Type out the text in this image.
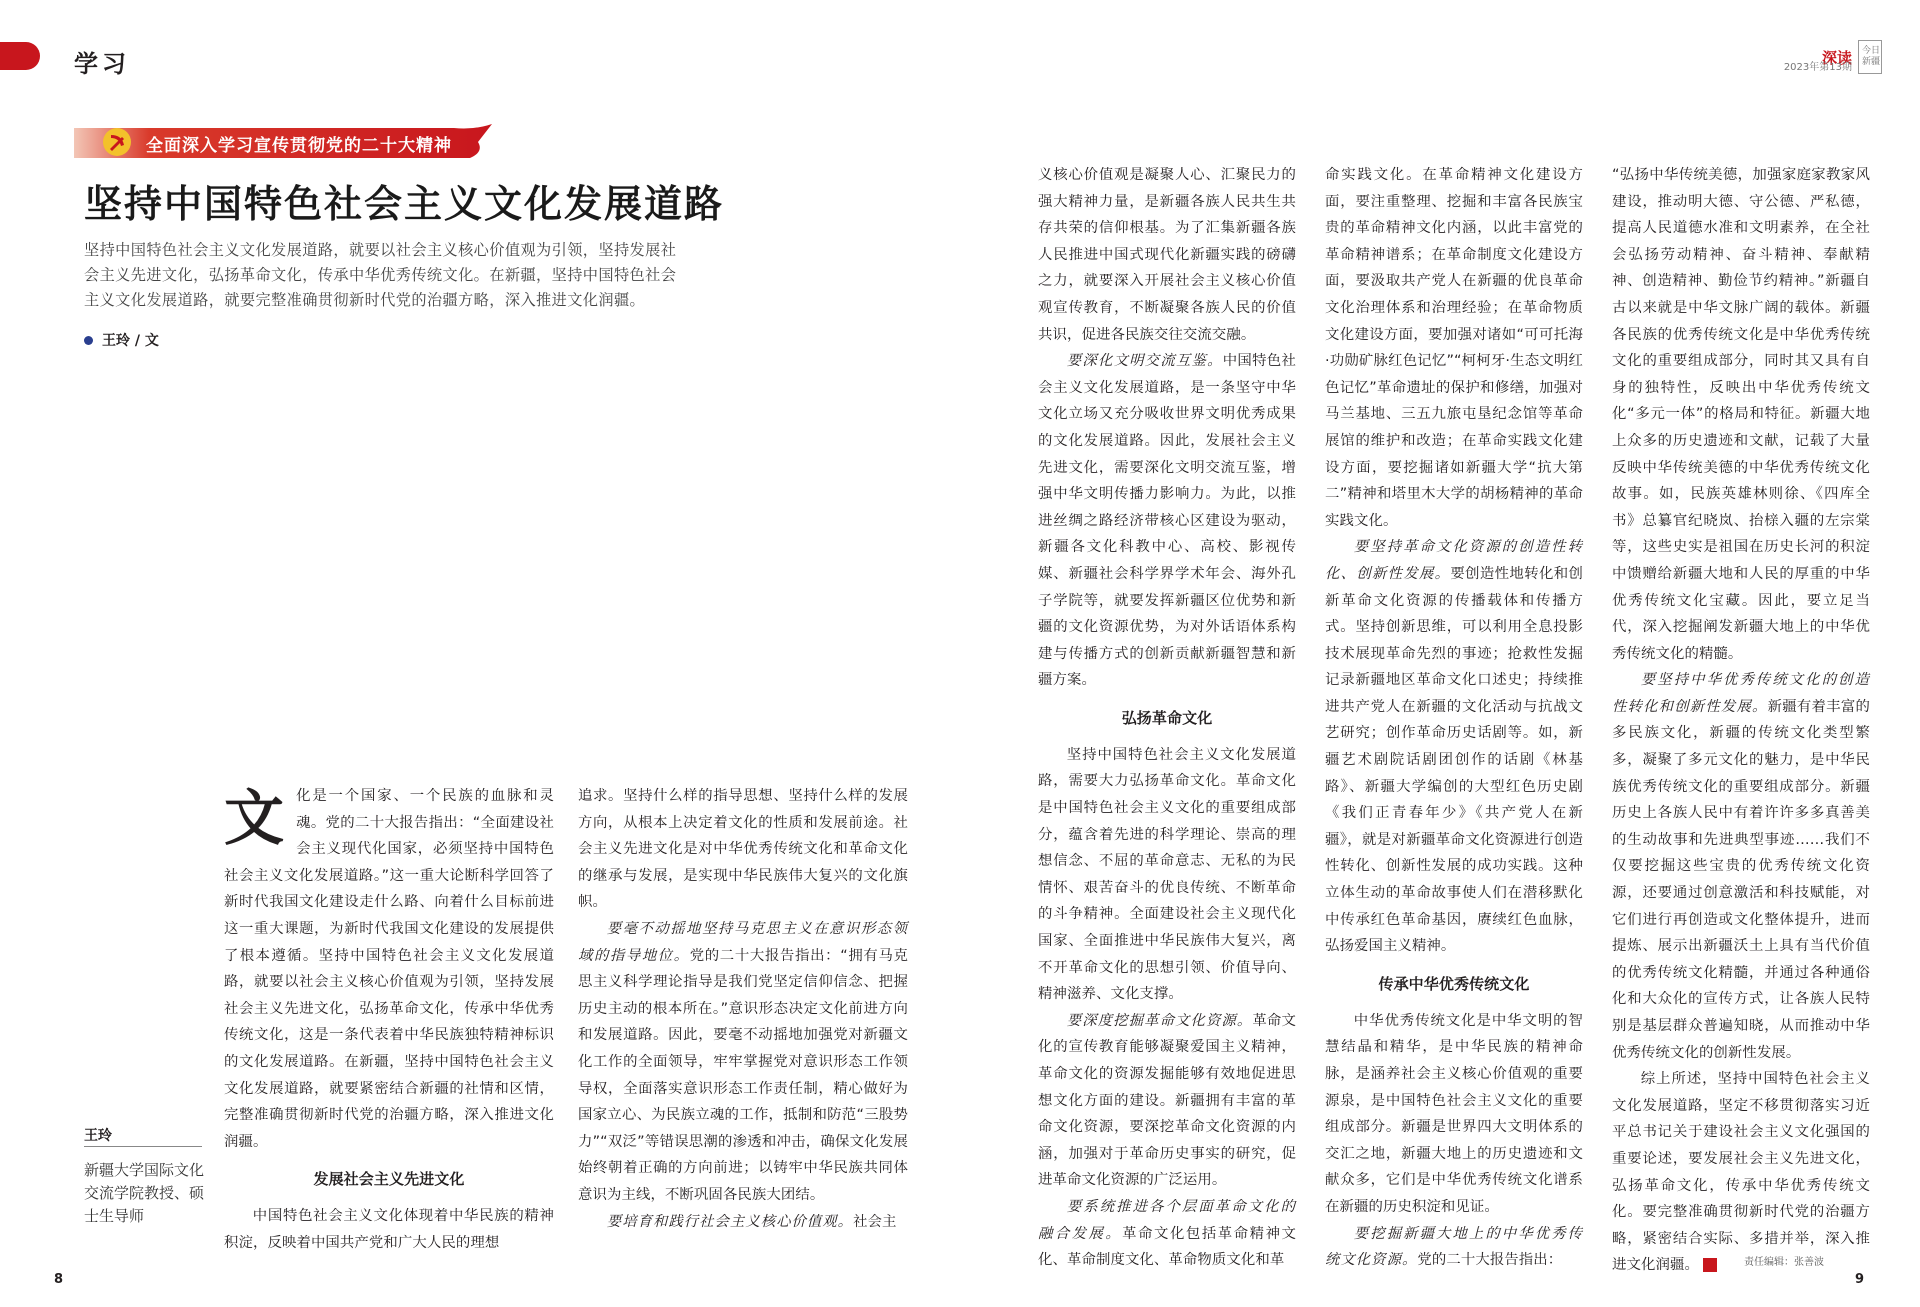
学习	深读	今日新疆
2023年第13期
全面深入学习宣传贯彻党的二十大精神
坚持中国特色社会主义文化发展道路
坚持中国特色社会主义文化发展道路，就要以社会主义核心价值观为引领，坚持发展社会主义先进文化，弘扬革命文化，传承中华优秀传统文化。在新疆，坚持中国特色社会主义文化发展道路，就要完整准确贯彻新时代党的治疆方略，深入推进文化润疆。
王玲 / 文
王玲
新疆大学国际文化交流学院教授、硕士生导师

文化是一个国家、一个民族的血脉和灵魂。党的二十大报告指出：“全面建设社会主义现代化国家，必须坚持中国特色社会主义文化发展道路。”这一重大论断科学回答了新时代我国文化建设走什么路、向着什么目标前进这一重大课题，为新时代我国文化建设的发展提供了根本遵循。坚持中国特色社会主义文化发展道路，就要以社会主义核心价值观为引领，坚持发展社会主义先进文化，弘扬革命文化，传承中华优秀传统文化，这是一条代表着中华民族独特精神标识的文化发展道路。在新疆，坚持中国特色社会主义文化发展道路，就要紧密结合新疆的社情和区情，完整准确贯彻新时代党的治疆方略，深入推进文化润疆。

发展社会主义先进文化

中国特色社会主义文化体现着中华民族的精神积淀，反映着中国共产党和广大人民的理想

追求。坚持什么样的指导思想、坚持什么样的发展方向，从根本上决定着文化的性质和发展前途。社会主义先进文化是对中华优秀传统文化和革命文化的继承与发展，是实现中华民族伟大复兴的文化旗帜。

要毫不动摇地坚持马克思主义在意识形态领域的指导地位。党的二十大报告指出：“拥有马克思主义科学理论指导是我们党坚定信仰信念、把握历史主动的根本所在。”意识形态决定文化前进方向和发展道路。因此，要毫不动摇地加强党对新疆文化工作的全面领导，牢牢掌握党对意识形态工作领导权，全面落实意识形态工作责任制，精心做好为国家立心、为民族立魂的工作，抵制和防范“三股势力”“双泛”等错误思潮的渗透和冲击，确保文化发展始终朝着正确的方向前进；以铸牢中华民族共同体意识为主线，不断巩固各民族大团结。

要培育和践行社会主义核心价值观。社会主

义核心价值观是凝聚人心、汇聚民力的强大精神力量，是新疆各族人民共生共存共荣的信仰根基。为了汇集新疆各族人民推进中国式现代化新疆实践的磅礴之力，就要深入开展社会主义核心价值观宣传教育，不断凝聚各族人民的价值共识，促进各民族交往交流交融。

要深化文明交流互鉴。中国特色社会主义文化发展道路，是一条坚守中华文化立场又充分吸收世界文明优秀成果的文化发展道路。因此，发展社会主义先进文化，需要深化文明交流互鉴，增强中华文明传播力影响力。为此，以推进丝绸之路经济带核心区建设为驱动，新疆各文化科教中心、高校、影视传媒、新疆社会科学界学术年会、海外孔子学院等，就要发挥新疆区位优势和新疆的文化资源优势，为对外话语体系构建与传播方式的创新贡献新疆智慧和新疆方案。

弘扬革命文化

坚持中国特色社会主义文化发展道路，需要大力弘扬革命文化。革命文化是中国特色社会主义文化的重要组成部分，蕴含着先进的科学理论、崇高的理想信念、不屈的革命意志、无私的为民情怀、艰苦奋斗的优良传统、不断革命的斗争精神。全面建设社会主义现代化国家、全面推进中华民族伟大复兴，离不开革命文化的思想引领、价值导向、精神滋养、文化支撑。

要深度挖掘革命文化资源。革命文化的宣传教育能够凝聚爱国主义精神，革命文化的资源发掘能够有效地促进思想文化方面的建设。新疆拥有丰富的革命文化资源，要深挖革命文化资源的内涵，加强对于革命历史事实的研究，促进革命文化资源的广泛运用。

要系统推进各个层面革命文化的融合发展。革命文化包括革命精神文化、革命制度文化、革命物质文化和革

命实践文化。在革命精神文化建设方面，要注重整理、挖掘和丰富各民族宝贵的革命精神文化内涵，以此丰富党的革命精神谱系；在革命制度文化建设方面，要汲取共产党人在新疆的优良革命文化治理体系和治理经验；在革命物质文化建设方面，要加强对诸如“可可托海·功勋矿脉红色记忆”“柯柯牙·生态文明红色记忆”革命遗址的保护和修缮，加强对马兰基地、三五九旅屯垦纪念馆等革命展馆的维护和改造；在革命实践文化建设方面，要挖掘诸如新疆大学“抗大第二”精神和塔里木大学的胡杨精神的革命实践文化。

要坚持革命文化资源的创造性转化、创新性发展。要创造性地转化和创新革命文化资源的传播载体和传播方式。坚持创新思维，可以利用全息投影技术展现革命先烈的事迹；抢救性发掘记录新疆地区革命文化口述史；持续推进共产党人在新疆的文化活动与抗战文艺研究；创作革命历史话剧等。如，新疆艺术剧院话剧团创作的话剧《林基路》、新疆大学编创的大型红色历史剧《我们正青春年少》《共产党人在新疆》，就是对新疆革命文化资源进行创造性转化、创新性发展的成功实践。这种立体生动的革命故事使人们在潜移默化中传承红色革命基因，赓续红色血脉，弘扬爱国主义精神。

传承中华优秀传统文化

中华优秀传统文化是中华文明的智慧结晶和精华，是中华民族的精神命脉，是涵养社会主义核心价值观的重要源泉，是中国特色社会主义文化的重要组成部分。新疆是世界四大文明体系的交汇之地，新疆大地上的历史遗迹和文献众多，它们是中华优秀传统文化谱系在新疆的历史积淀和见证。

要挖掘新疆大地上的中华优秀传统文化资源。党的二十大报告指出：

“弘扬中华传统美德，加强家庭家教家风建设，推动明大德、守公德、严私德，提高人民道德水准和文明素养，在全社会弘扬劳动精神、奋斗精神、奉献精神、创造精神、勤俭节约精神。”新疆自古以来就是中华文脉广阔的载体。新疆各民族的优秀传统文化是中华优秀传统文化的重要组成部分，同时其又具有自身的独特性，反映出中华优秀传统文化“多元一体”的格局和特征。新疆大地上众多的历史遗迹和文献，记载了大量反映中华传统美德的中华优秀传统文化故事。如，民族英雄林则徐、《四库全书》总纂官纪晓岚、抬榇入疆的左宗棠等，这些史实是祖国在历史长河的积淀中馈赠给新疆大地和人民的厚重的中华优秀传统文化宝藏。因此，要立足当代，深入挖掘阐发新疆大地上的中华优秀传统文化的精髓。

要坚持中华优秀传统文化的创造性转化和创新性发展。新疆有着丰富的多民族文化，新疆的传统文化类型繁多，凝聚了多元文化的魅力，是中华民族优秀传统文化的重要组成部分。新疆历史上各族人民中有着许许多多真善美的生动故事和先进典型事迹……我们不仅要挖掘这些宝贵的优秀传统文化资源，还要通过创意激活和科技赋能，对它们进行再创造或文化整体提升，进而提炼、展示出新疆沃土上具有当代价值的优秀传统文化精髓，并通过各种通俗化和大众化的宣传方式，让各族人民特别是基层群众普遍知晓，从而推动中华优秀传统文化的创新性发展。

综上所述，坚持中国特色社会主义文化发展道路，坚定不移贯彻落实习近平总书记关于建设社会主义文化强国的重要论述，要发展社会主义先进文化，弘扬革命文化，传承中华优秀传统文化。要完整准确贯彻新时代党的治疆方略，紧密结合实际、多措并举，深入推进文化润疆。

8	9
责任编辑：张善波
